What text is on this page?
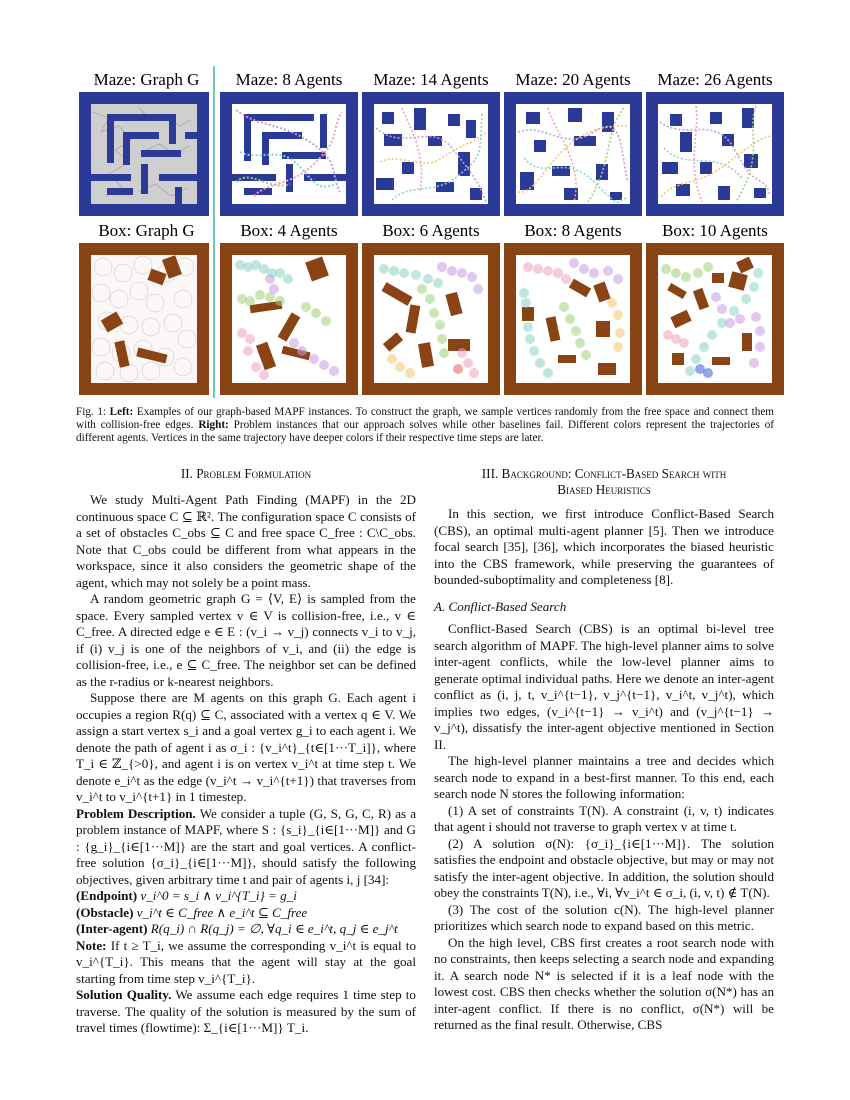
Maze: Graph G	Maze: 8 Agents	Maze: 14 Agents	Maze: 20 Agents	Maze: 26 Agents
Box: Graph G	Box: 4 Agents	Box: 6 Agents	Box: 8 Agents	Box: 10 Agents
Fig. 1: Left: Examples of our graph-based MAPF instances. To construct the graph, we sample vertices randomly from the free space and connect them with collision-free edges. Right: Problem instances that our approach solves while other baselines fail. Different colors represent the trajectories of different agents. Vertices in the same trajectory have deeper colors if their respective time steps are later.
II. Problem Formulation

We study Multi-Agent Path Finding (MAPF) in the 2D continuous space C ⊆ ℝ². The configuration space C consists of a set of obstacles C_obs ⊆ C and free space C_free : C\C_obs. Note that C_obs could be different from what appears in the workspace, since it also considers the geometric shape of the agent, which may not solely be a point mass.

A random geometric graph G = ⟨V, E⟩ is sampled from the space. Every sampled vertex v ∈ V is collision-free, i.e., v ∈ C_free. A directed edge e ∈ E : (v_i → v_j) connects v_i to v_j, if (i) v_j is one of the neighbors of v_i, and (ii) the edge is collision-free, i.e., e ⊆ C_free. The neighbor set can be defined as the r-radius or k-nearest neighbors.

Suppose there are M agents on this graph G. Each agent i occupies a region R(q) ⊆ C, associated with a vertex q ∈ V. We assign a start vertex s_i and a goal vertex g_i to each agent i. We denote the path of agent i as σ_i : {v_i^t}_{t∈[1···T_i]}, where T_i ∈ ℤ_{>0}, and agent i is on vertex v_i^t at time step t. We denote e_i^t as the edge (v_i^t → v_i^{t+1}) that traverses from v_i^t to v_i^{t+1} in 1 timestep.

Problem Description. We consider a tuple (G, S, G, C, R) as a problem instance of MAPF, where S : {s_i}_{i∈[1···M]} and G : {g_i}_{i∈[1···M]} are the start and goal vertices. A conflict-free solution {σ_i}_{i∈[1···M]}, should satisfy the following objectives, given arbitrary time t and pair of agents i, j [34]:

(Endpoint) v_i^0 = s_i ∧ v_i^{T_i} = g_i

(Obstacle) v_i^t ∈ C_free ∧ e_i^t ⊆ C_free

(Inter-agent) R(q_i) ∩ R(q_j) = ∅, ∀q_i ∈ e_i^t, q_j ∈ e_j^t

Note: If t ≥ T_i, we assume the corresponding v_i^t is equal to v_i^{T_i}. This means that the agent will stay at the goal starting from time step v_i^{T_i}.

Solution Quality. We assume each edge requires 1 time step to traverse. The quality of the solution is measured by the sum of travel times (flowtime): Σ_{i∈[1···M]} T_i.

III. Background: Conflict-Based Search with
Biased Heuristics

In this section, we first introduce Conflict-Based Search (CBS), an optimal multi-agent planner [5]. Then we introduce focal search [35], [36], which incorporates the biased heuristic into the CBS framework, while preserving the guarantees of bounded-suboptimality and completeness [8].

A. Conflict-Based Search

Conflict-Based Search (CBS) is an optimal bi-level tree search algorithm of MAPF. The high-level planner aims to solve inter-agent conflicts, while the low-level planner aims to generate optimal individual paths. Here we denote an inter-agent conflict as (i, j, t, v_i^{t−1}, v_j^{t−1}, v_i^t, v_j^t), which implies two edges, (v_i^{t−1} → v_i^t) and (v_j^{t−1} → v_j^t), dissatisfy the inter-agent objective mentioned in Section II.

The high-level planner maintains a tree and decides which search node to expand in a best-first manner. To this end, each search node N stores the following information:

(1) A set of constraints T(N). A constraint (i, v, t) indicates that agent i should not traverse to graph vertex v at time t.

(2) A solution σ(N): {σ_i}_{i∈[1···M]}. The solution satisfies the endpoint and obstacle objective, but may or may not satisfy the inter-agent objective. In addition, the solution should obey the constraints T(N), i.e., ∀i, ∀v_i^t ∈ σ_i, (i, v, t) ∉ T(N).

(3) The cost of the solution c(N). The high-level planner prioritizes which search node to expand based on this metric.

On the high level, CBS first creates a root search node with no constraints, then keeps selecting a search node and expanding it. A search node N* is selected if it is a leaf node with the lowest cost. CBS then checks whether the solution σ(N*) has an inter-agent conflict. If there is no conflict, σ(N*) will be returned as the final result. Otherwise, CBS
